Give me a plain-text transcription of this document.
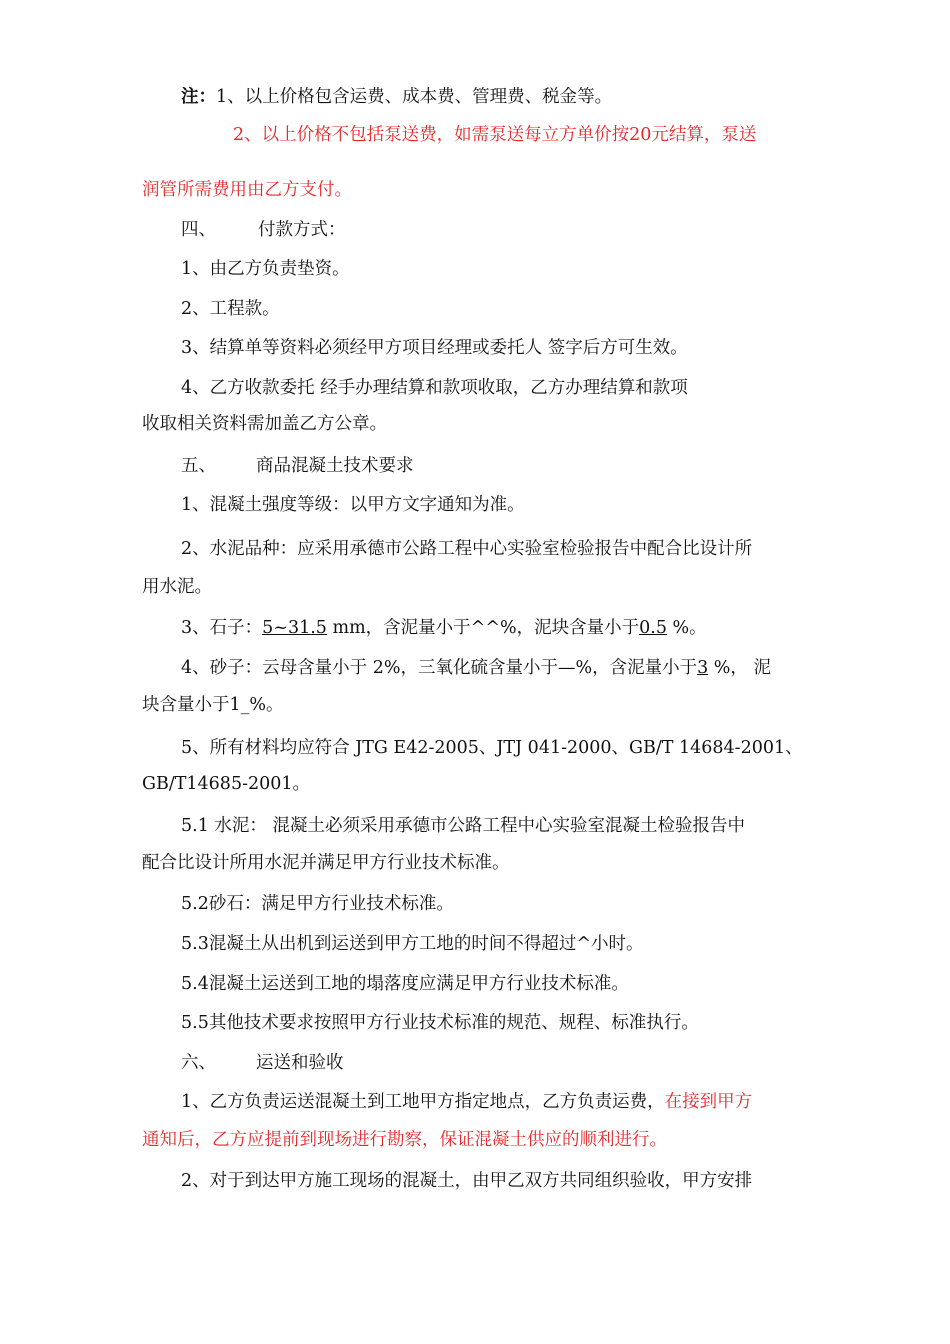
注：1、以上价格包含运费、成本费、管理费、税金等。
2、以上价格不包括泵送费，如需泵送每立方单价按20元结算，泵送
润管所需费用由乙方支付。
四、 付款方式：
1、由乙方负责垫资。
2、工程款。
3、结算单等资料必须经甲方项目经理或委托人 签字后方可生效。
4、乙方收款委托 经手办理结算和款项收取，乙方办理结算和款项
收取相关资料需加盖乙方公章。
五、 商品混凝土技术要求
1、混凝土强度等级：以甲方文字通知为准。
2、水泥品种：应采用承德市公路工程中心实验室检验报告中配合比设计所
用水泥。
3、石子：5~31.5 mm，含泥量小于^^%，泥块含量小于0.5 %。
4、砂子：云母含量小于 2%，三氧化硫含量小于—%，含泥量小于3 %， 泥
块含量小于1_%。
5、所有材料均应符合 JTG E42-2005、JTJ 041-2000、GB/T 14684-2001、
GB/T14685-2001。
5.1 水泥： 混凝土必须采用承德市公路工程中心实验室混凝土检验报告中
配合比设计所用水泥并满足甲方行业技术标准。
5.2砂石：满足甲方行业技术标准。
5.3混凝土从出机到运送到甲方工地的时间不得超过^小时。
5.4混凝土运送到工地的塌落度应满足甲方行业技术标准。
5.5其他技术要求按照甲方行业技术标准的规范、规程、标准执行。
六、 运送和验收
1、乙方负责运送混凝土到工地甲方指定地点，乙方负责运费，在接到甲方
通知后，乙方应提前到现场进行勘察，保证混凝土供应的顺利进行。
2、对于到达甲方施工现场的混凝土，由甲乙双方共同组织验收，甲方安排
